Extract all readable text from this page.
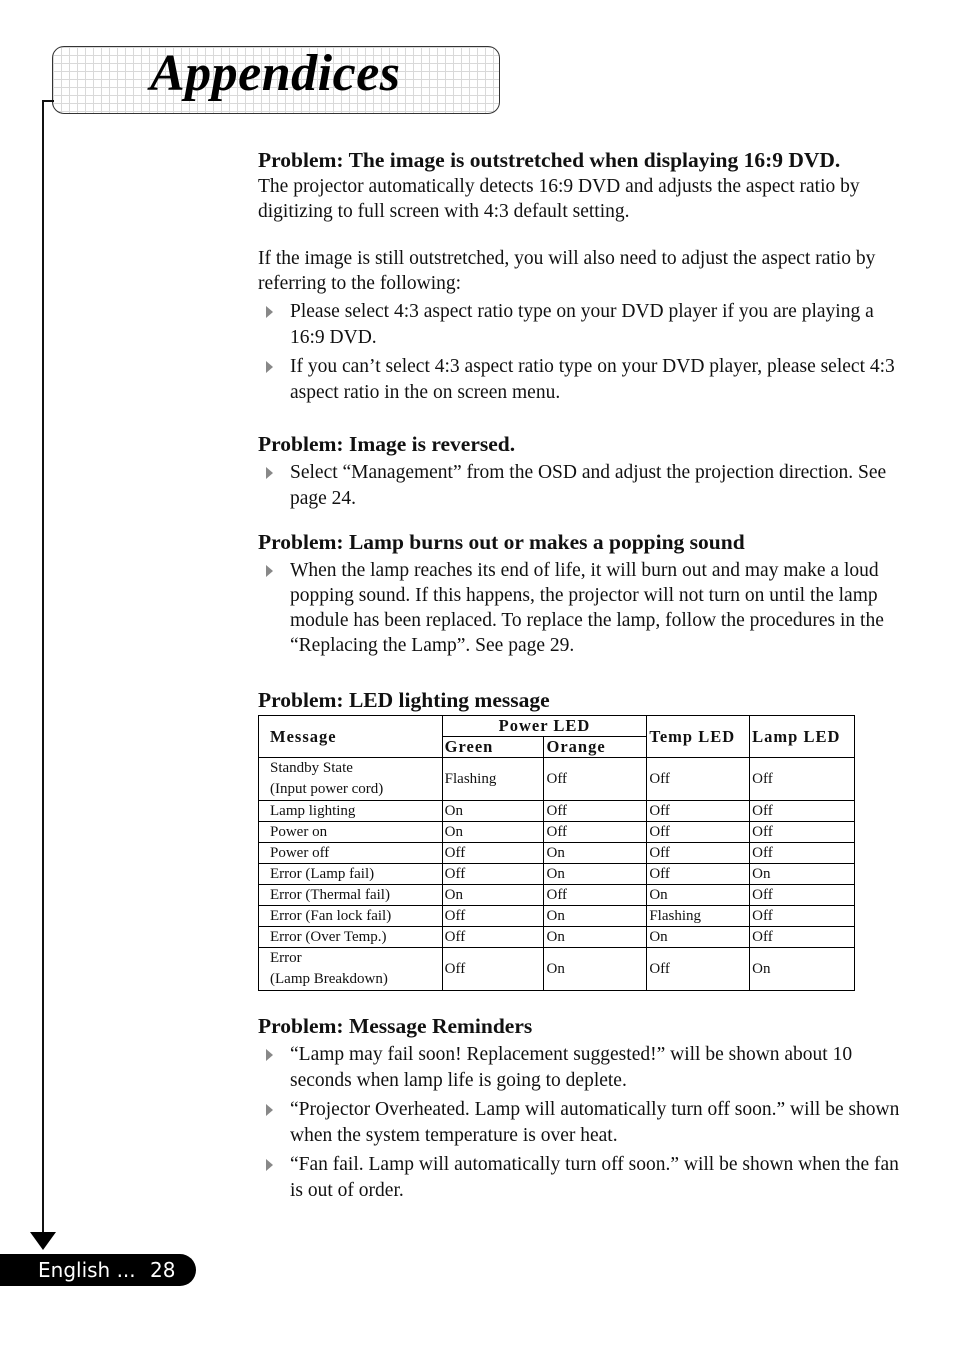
Appendices
English ... 28
Problem: The image is outstretched when displaying 16:9 DVD.

The projector automatically detects 16:9 DVD and adjusts the aspect ratio by digitizing to full screen with 4:3 default setting.

If the image is still outstretched, you will also need to adjust the aspect ratio by referring to the following:

Please select 4:3 aspect ratio type on your DVD player if you are playing a 16:9 DVD.
If you can’t select 4:3 aspect ratio type on your DVD player, please select 4:3 aspect ratio in the on screen menu.
Problem: Image is reversed.
Select “Management” from the OSD and adjust the projection direction. See page 24.
Problem: Lamp burns out or makes a popping sound
When the lamp reaches its end of life, it will burn out and may make a loud popping sound. If this happens, the projector will not turn on until the lamp module has been replaced. To replace the lamp, follow the procedures in the “Replacing the Lamp”. See page 29.
Problem: LED lighting message
Message	Power LED		Temp LED	Lamp LED
	Green	Orange		
Standby State
(Input power cord)	Flashing	Off	Off	Off
Lamp lighting	On	Off	Off	Off
Power on	On	Off	Off	Off
Power off	Off	On	Off	Off
Error (Lamp fail)	Off	On	Off	On
Error (Thermal fail)	On	Off	On	Off
Error (Fan lock fail)	Off	On	Flashing	Off
Error (Over Temp.)	Off	On	On	Off
Error
(Lamp Breakdown)	Off	On	Off	On
Problem: Message Reminders
“Lamp may fail soon! Replacement suggested!” will be shown about 10 seconds when lamp life is going to deplete.
“Projector Overheated. Lamp will automatically turn off soon.” will be shown when the system temperature is over heat.
“Fan fail. Lamp will automatically turn off soon.” will be shown when the fan is out of order.
